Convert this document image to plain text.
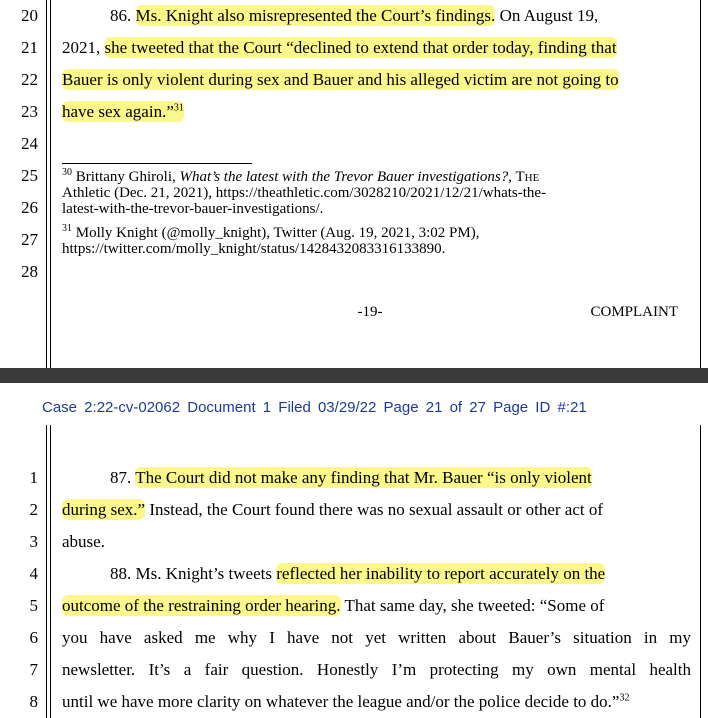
20
21
22
23
24
25
26
27
28
86. Ms. Knight also misrepresented the Court’s findings. On August 19,
2021, she tweeted that the Court “declined to extend that order today, finding that
Bauer is only violent during sex and Bauer and his alleged victim are not going to
have sex again.”$^{31}$
$^{30}$ Brittany Ghiroli, What’s the latest with the Trevor Bauer investigations?, The
Athletic (Dec. 21, 2021), https://theathletic.com/3028210/2021/12/21/whats-the-
latest-with-the-trevor-bauer-investigations/.
$^{31}$ Molly Knight (@molly_knight), Twitter (Aug. 19, 2021, 3:02 PM),
https://twitter.com/molly_knight/status/1428432083316133890.
-19-	COMPLAINT
Case 2:22-cv-02062 Document 1 Filed 03/29/22 Page 21 of 27 Page ID #:21
1
2
3
4
5
6
7
8
87. The Court did not make any finding that Mr. Bauer “is only violent
during sex.” Instead, the Court found there was no sexual assault or other act of
abuse.
88. Ms. Knight’s tweets reflected her inability to report accurately on the
outcome of the restraining order hearing. That same day, she tweeted: “Some of
you have asked me why I have not yet written about Bauer’s situation in my
newsletter. It’s a fair question. Honestly I’m protecting my own mental health
until we have more clarity on whatever the league and/or the police decide to do.”$^{32}$
